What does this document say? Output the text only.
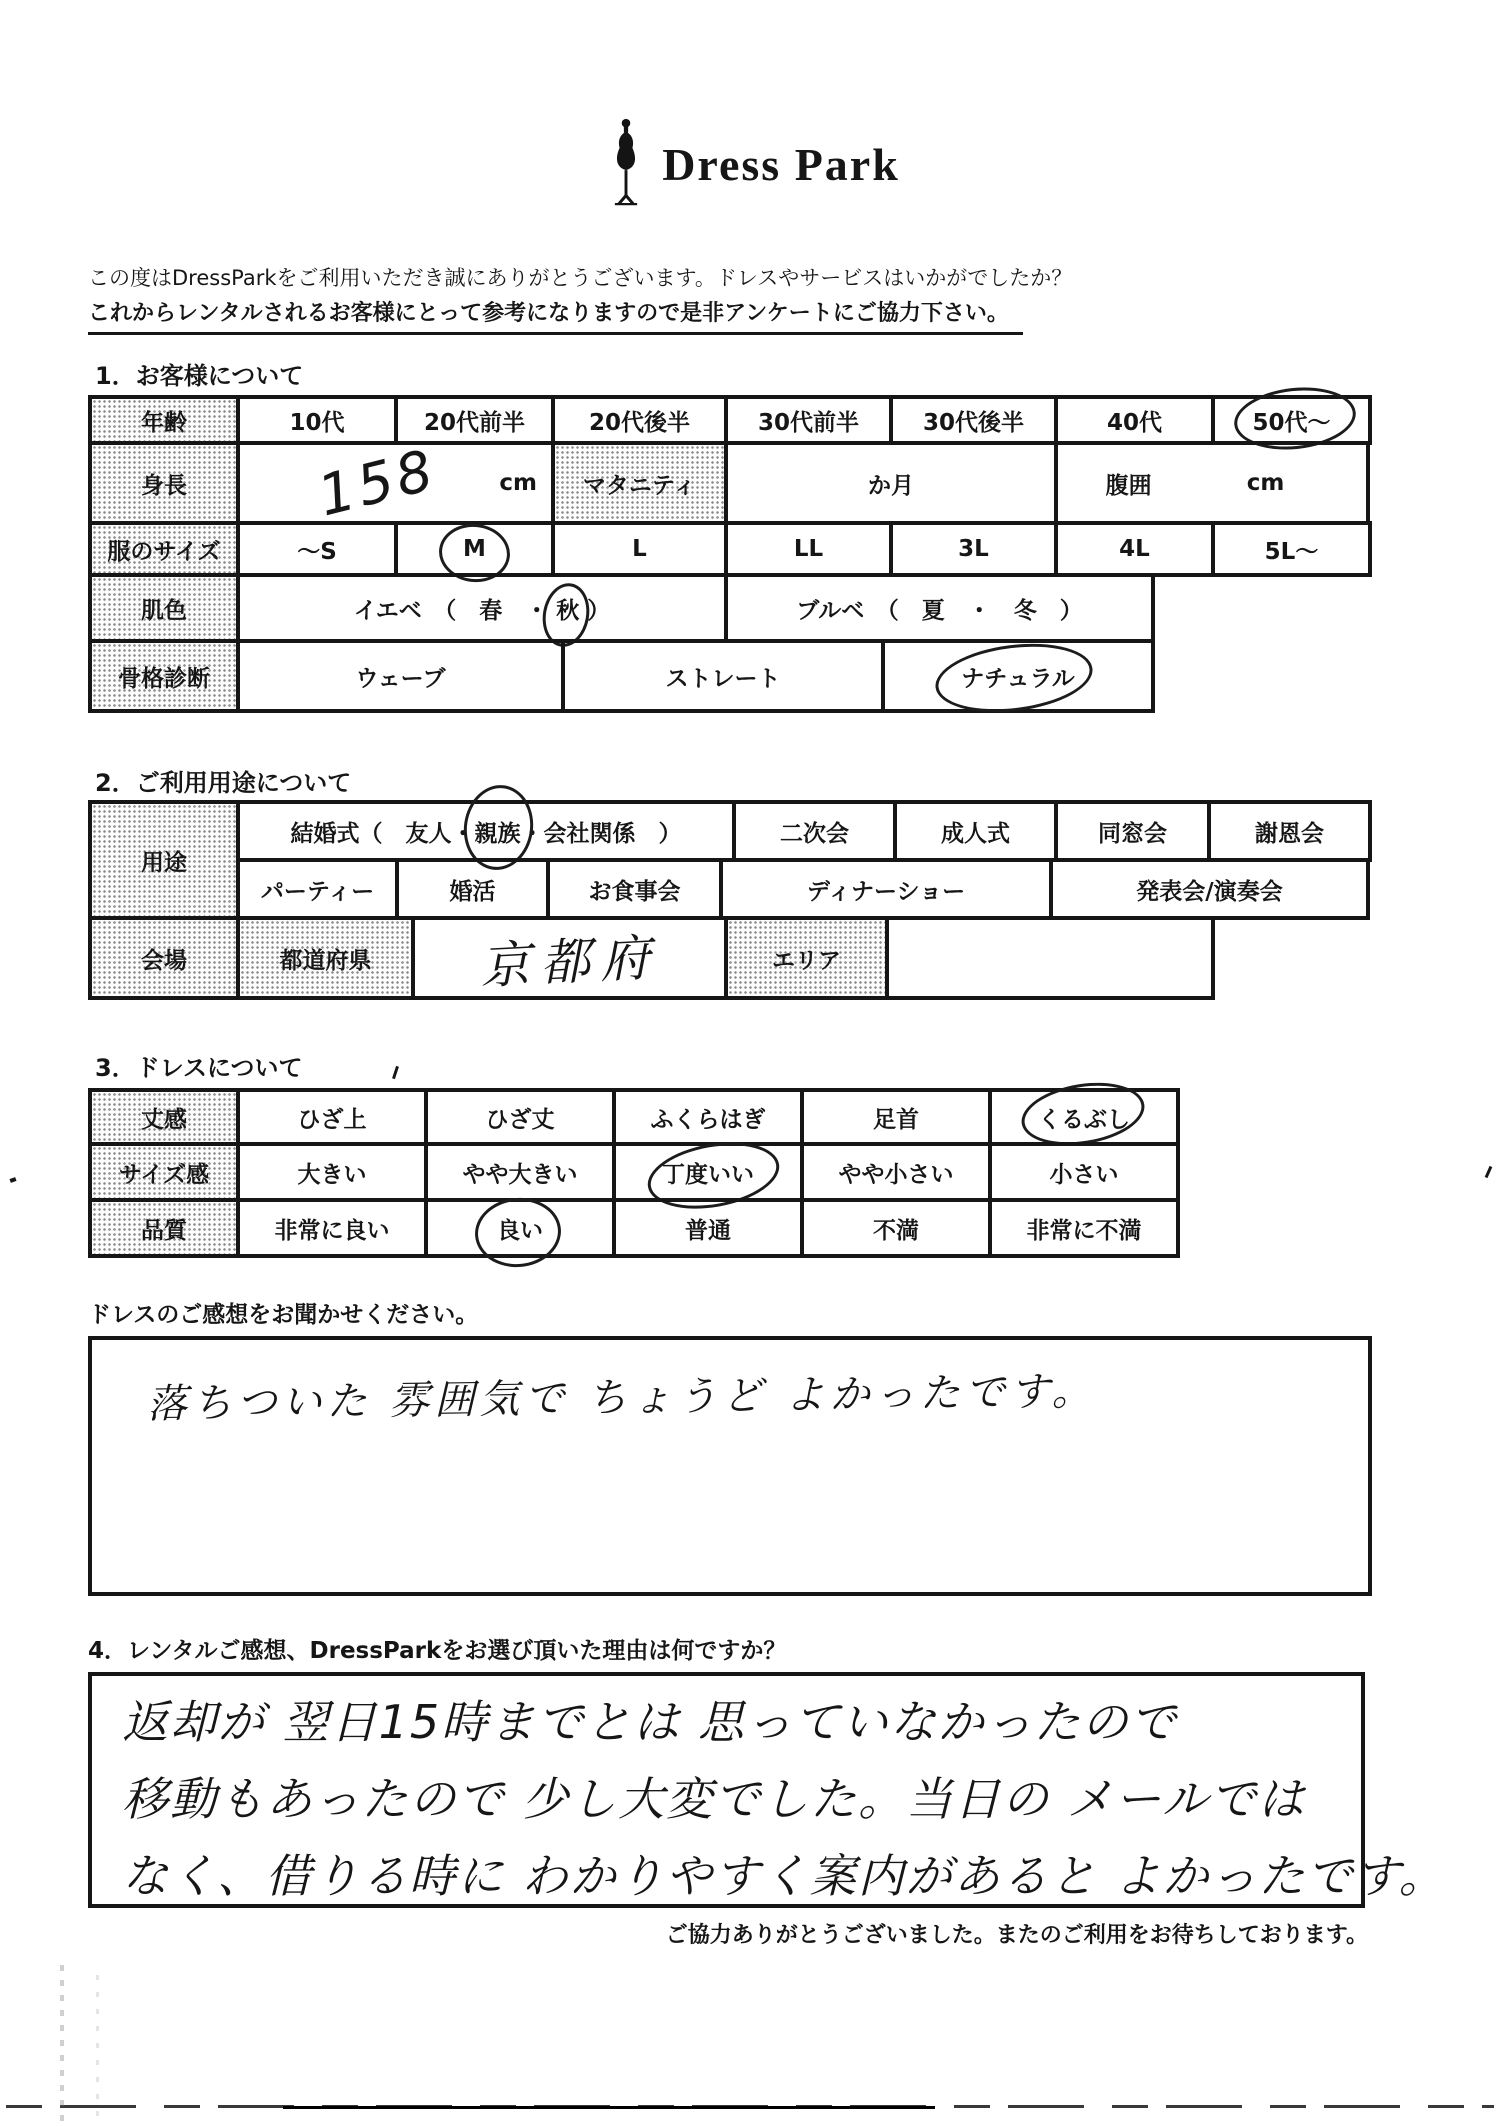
Dress Park
この度はDressParkをご利用いただき誠にありがとうございます。ドレスやサービスはいかがでしたか？
これからレンタルされるお客様にとって参考になりますので是非アンケートにご協力下さい。
1．お客様について
年齢	10代	20代前半	20代後半	30代前半	30代後半	40代	50代～
身長	158 cm	マタニティ	か月	腹囲	cm
服のサイズ	～S	M	L	LL	3L	4L	5L～
肌色	イエベ　（　春　・ 秋 ）	ブルベ　（　夏　・　冬　）
骨格診断	ウェーブ	ストレート	ナチュラル
2．ご利用用途について
用途
結婚式（　友人・ 親族 ・会社関係　）	二次会	成人式	同窓会	謝恩会
パーティー	婚活	お食事会	ディナーショー	発表会/演奏会
会場	都道府県	京都府	エリア
3．ドレスについて
丈感	ひざ上	ひざ丈	ふくらはぎ	足首	くるぶし
サイズ感	大きい	やや大きい	丁度いい	やや小さい	小さい
品質	非常に良い	良い	普通	不満	非常に不満
ドレスのご感想をお聞かせください。
落ちついた 雰囲気で ちょうど よかったです。
4．レンタルご感想、DressParkをお選び頂いた理由は何ですか？
返却が 翌日15時までとは 思っていなかったので
移動もあったので 少し大変でした。当日の メールでは
なく、借りる時に わかりやすく案内があると よかったです。
ご協力ありがとうございました。またのご利用をお待ちしております。
